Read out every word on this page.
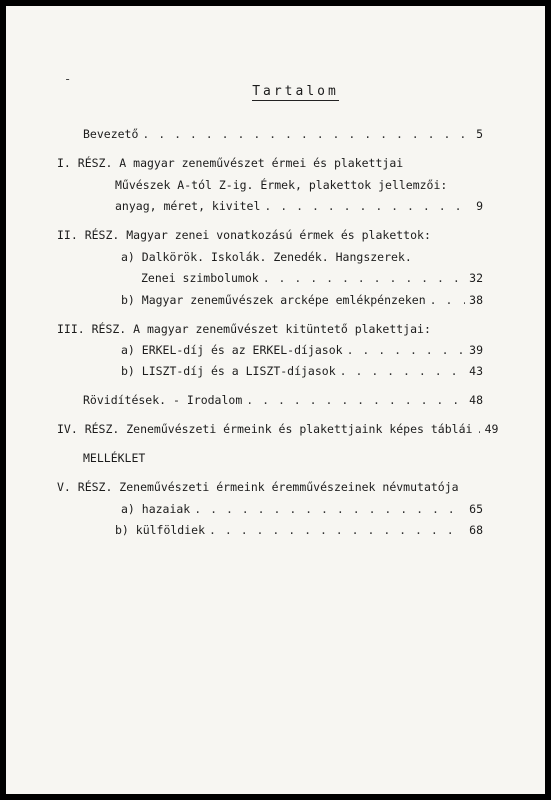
-
Tartalom
Bevezető . . .	5
I. RÉSZ. A magyar zeneművészet érmei és plakettjai
Művészek A-tól Z-ig. Érmek, plakettok jellemzői:
anyag, méret, kivitel . . .	9
II. RÉSZ. Magyar zenei vonatkozású érmek és plakettok:
a) Dalkörök. Iskolák. Zenedék. Hangszerek.
Zenei szimbolumok . . .	32
b) Magyar zeneművészek arcképe emlékpénzeken . . .	38
III. RÉSZ. A magyar zeneművészet kitüntető plakettjai:
a) ERKEL-díj és az ERKEL-díjasok . . .	39
b) LISZT-díj és a LISZT-díjasok . . .	43
Rövidítések. - Irodalom . . .	48
IV. RÉSZ. Zeneművészeti érmeink és plakettjaink képes táblái . . .	49
MELLÉKLET
V. RÉSZ. Zeneművészeti érmeink éremművészeinek névmutatója
a) hazaiak . . .	65
b) külföldiek . . .	68
